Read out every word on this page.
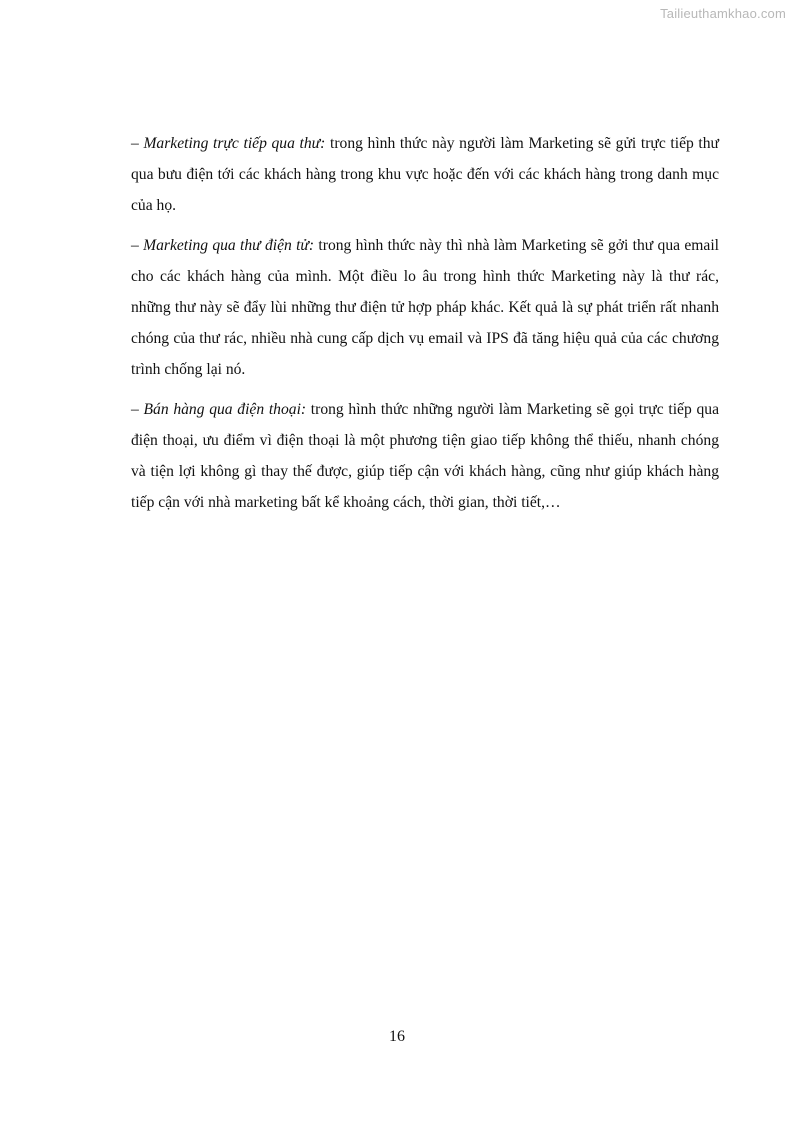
Tailieuthamkhao.com

– Marketing trực tiếp qua thư: trong hình thức này người làm Marketing sẽ gửi trực tiếp thư qua bưu điện tới các khách hàng trong khu vực hoặc đến với các khách hàng trong danh mục của họ.

– Marketing qua thư điện tử: trong hình thức này thì nhà làm Marketing sẽ gởi thư qua email cho các khách hàng của mình. Một điều lo âu trong hình thức Marketing này là thư rác, những thư này sẽ đẩy lùi những thư điện tử hợp pháp khác. Kết quả là sự phát triển rất nhanh chóng của thư rác, nhiều nhà cung cấp dịch vụ email và IPS đã tăng hiệu quả của các chương trình chống lại nó.

– Bán hàng qua điện thoại: trong hình thức những người làm Marketing sẽ gọi trực tiếp qua điện thoại, ưu điểm vì điện thoại là một phương tiện giao tiếp không thể thiếu, nhanh chóng và tiện lợi không gì thay thế được, giúp tiếp cận với khách hàng, cũng như giúp khách hàng tiếp cận với nhà marketing bất kể khoảng cách, thời gian, thời tiết,…

16
